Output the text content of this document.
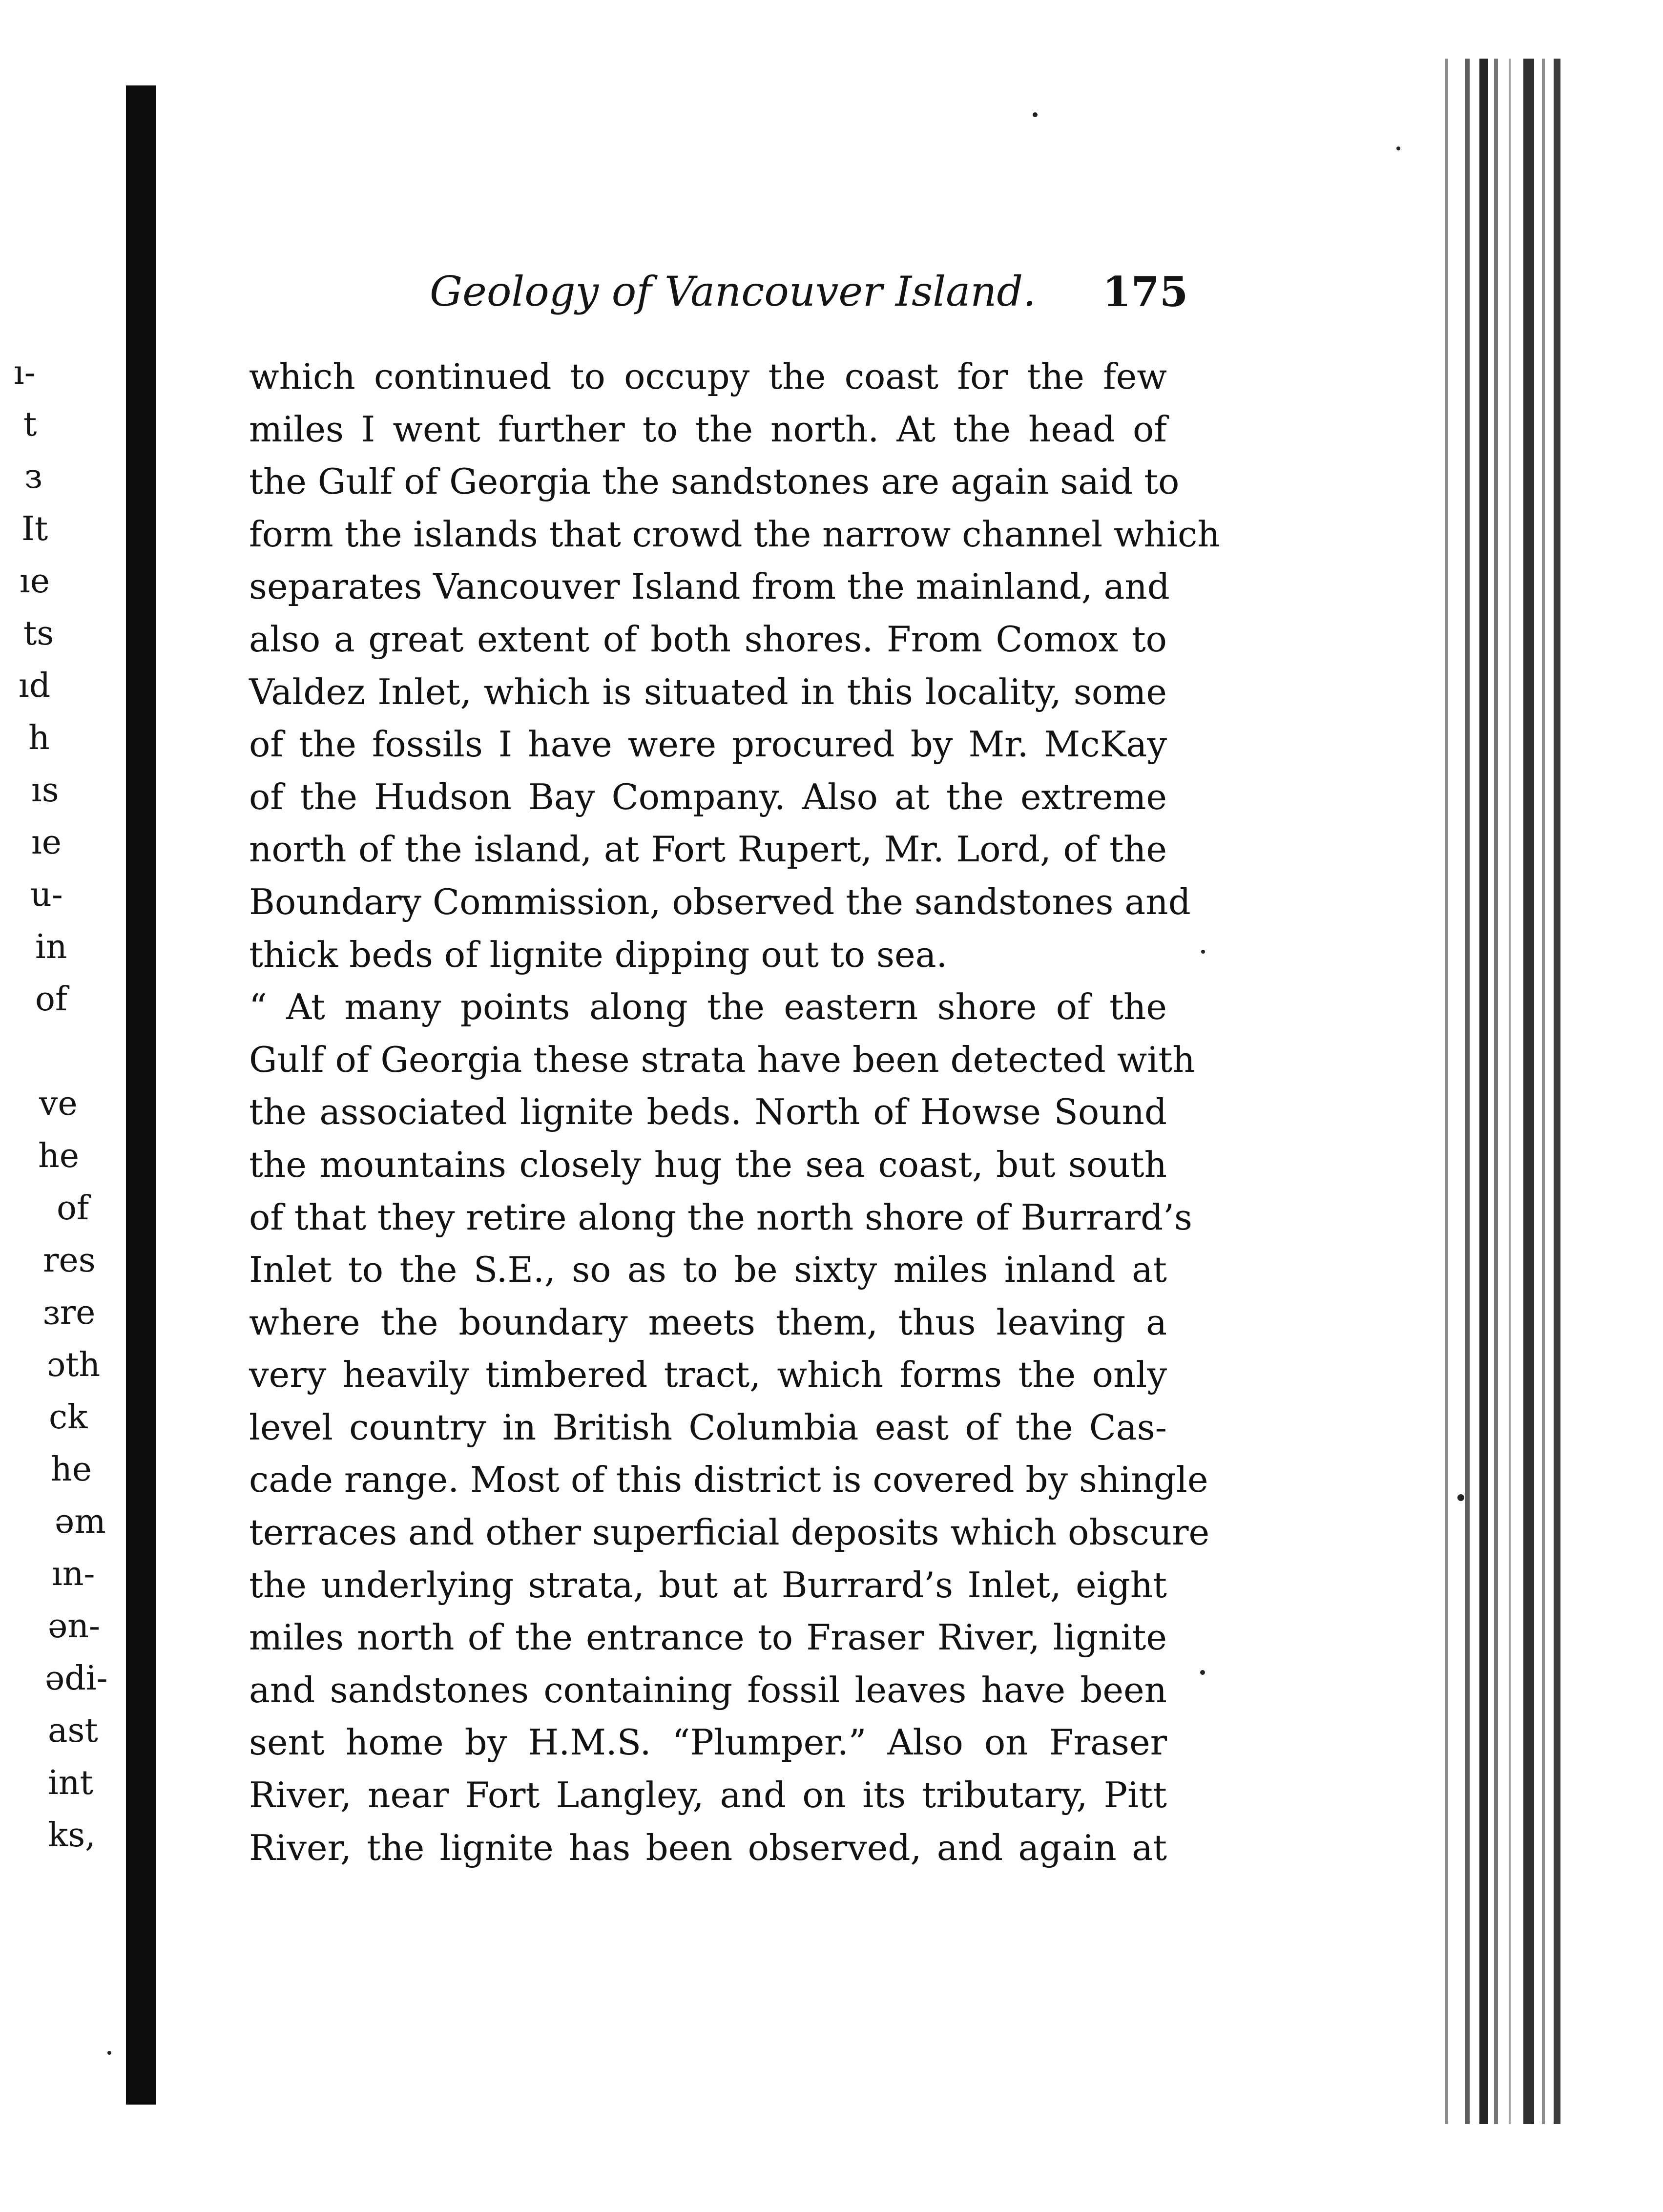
ı-
t
з
It
ıe
ts
ıd
h
ıs
ıe
u-
in
of
ve
he
of
res
ɜre
ɔth
ck
he
əm
ın-
ən-
ədi-
ast
int
ks,
Geology of Vancouver Island. 175
which continued to occupy the coast for the few
miles I went further to the north. At the head of
the Gulf of Georgia the sandstones are again said to
form the islands that crowd the narrow channel which
separates Vancouver Island from the mainland, and
also a great extent of both shores. From Comox to
Valdez Inlet, which is situated in this locality, some
of the fossils I have were procured by Mr. McKay
of the Hudson Bay Company. Also at the extreme
north of the island, at Fort Rupert, Mr. Lord, of the
Boundary Commission, observed the sandstones and
thick beds of lignite dipping out to sea.
“ At many points along the eastern shore of the
Gulf of Georgia these strata have been detected with
the associated lignite beds. North of Howse Sound
the mountains closely hug the sea coast, but south
of that they retire along the north shore of Burrard’s
Inlet to the S.E., so as to be sixty miles inland at
where the boundary meets them, thus leaving a
very heavily timbered tract, which forms the only
level country in British Columbia east of the Cas-
cade range. Most of this district is covered by shingle
terraces and other superficial deposits which obscure
the underlying strata, but at Burrard’s Inlet, eight
miles north of the entrance to Fraser River, lignite
and sandstones containing fossil leaves have been
sent home by H.M.S. “Plumper.” Also on Fraser
River, near Fort Langley, and on its tributary, Pitt
River, the lignite has been observed, and again at
